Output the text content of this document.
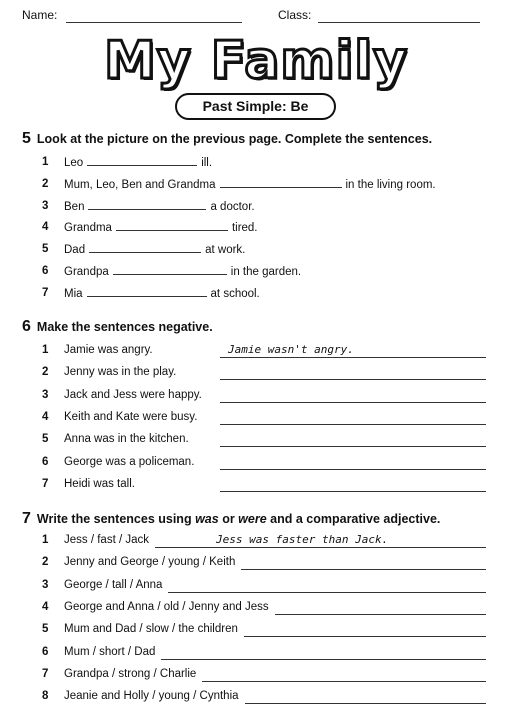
Name:	Class:
My Family
Past Simple: Be
5 Look at the picture on the previous page. Complete the sentences.
1 Leo	ill.
2 Mum, Leo, Ben and Grandma	in the living room.
3 Ben	a doctor.
4 Grandma	tired.
5 Dad	at work.
6 Grandpa	in the garden.
7 Mia	at school.
6 Make the sentences negative.
1 Jamie was angry.	Jamie wasn't angry.
2 Jenny was in the play.
3 Jack and Jess were happy.
4 Keith and Kate were busy.
5 Anna was in the kitchen.
6 George was a policeman.
7 Heidi was tall.
7 Write the sentences using was or were and a comparative adjective.
1 Jess / fast / Jack	Jess was faster than Jack.
2 Jenny and George / young / Keith
3 George / tall / Anna
4 George and Anna / old / Jenny and Jess
5 Mum and Dad / slow / the children
6 Mum / short / Dad
7 Grandpa / strong / Charlie
8 Jeanie and Holly / young / Cynthia
